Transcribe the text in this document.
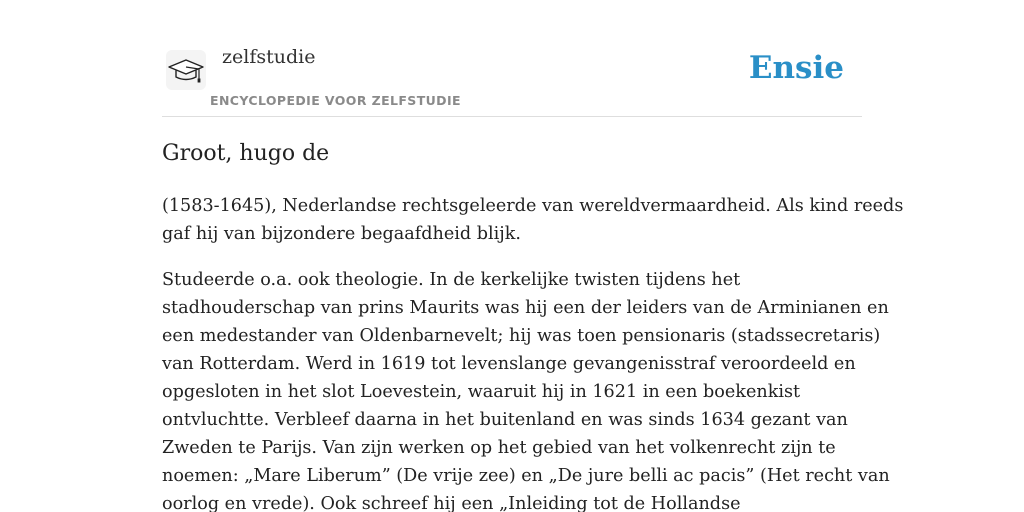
zelfstudie
ENCYCLOPEDIE VOOR ZELFSTUDIE
Ensie
Groot, hugo de

(1583-1645), Nederlandse rechtsgeleerde van wereldvermaardheid. Als kind reeds
gaf hij van bijzondere begaafdheid blijk.

Studeerde o.a. ook theologie. In de kerkelijke twisten tijdens het
stadhouderschap van prins Maurits was hij een der leiders van de Arminianen en
een medestander van Oldenbarnevelt; hij was toen pensionaris (stadssecretaris)
van Rotterdam. Werd in 1619 tot levenslange gevangenisstraf veroordeeld en
opgesloten in het slot Loevestein, waaruit hij in 1621 in een boekenkist
ontvluchtte. Verbleef daarna in het buitenland en was sinds 1634 gezant van
Zweden te Parijs. Van zijn werken op het gebied van het volkenrecht zijn te
noemen: „Mare Liberum” (De vrije zee) en „De jure belli ac pacis” (Het recht van
oorlog en vrede). Ook schreef hij een „Inleiding tot de Hollandse
